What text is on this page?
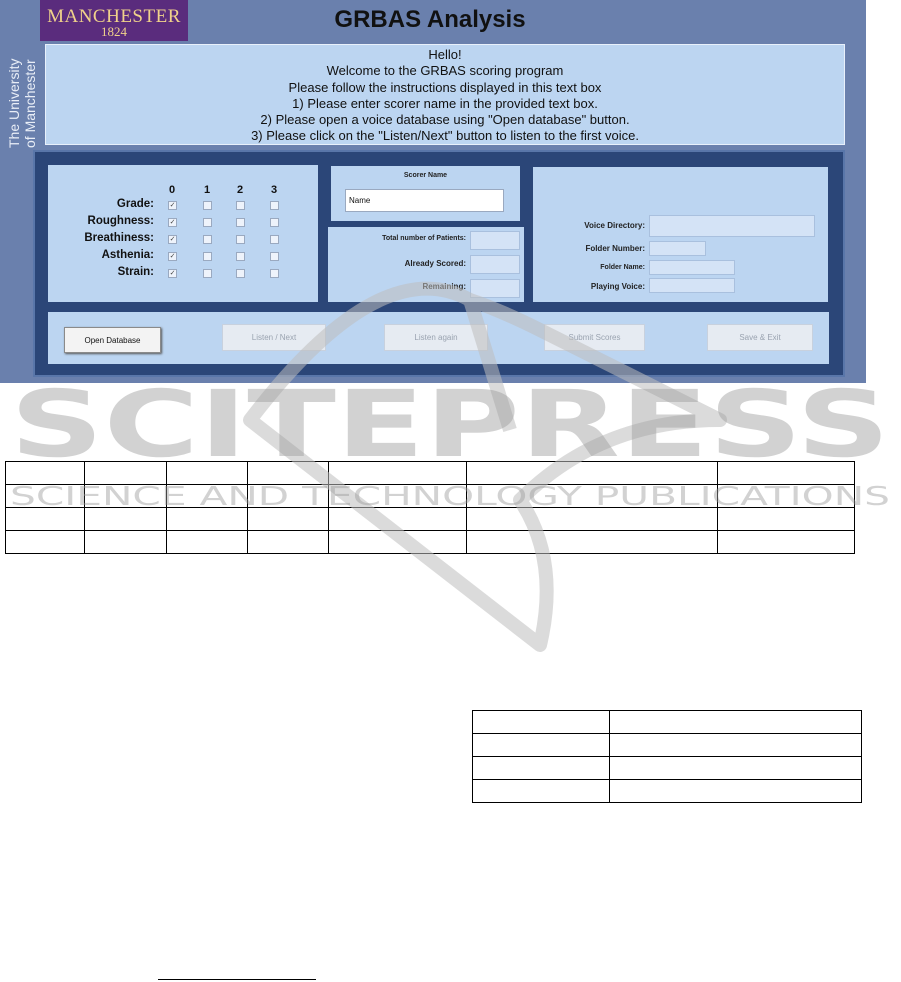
MANCHESTER
1824	GRBAS Analysis
The University of Manchester
Hello!
Welcome to the GRBAS scoring program
Please follow the instructions displayed in this text box
1) Please enter scorer name in the provided text box.
2) Please open a voice database using "Open database" button.
3) Please click on the "Listen/Next" button to listen to the first voice.
0	1	2	3
Grade: ✓
Roughness: ✓
Breathiness: ✓
Asthenia: ✓
Strain: ✓
Scorer Name
Name
Total number of Patients:
Already Scored:
Remaining:
Voice Directory:
Folder Number:
Folder Name:
Playing Voice:
Open Database	Listen / Next	Listen again	Submit Scores	Save & Exit

SCITEPRESS
SCIENCE AND TECHNOLOGY PUBLICATIONS
